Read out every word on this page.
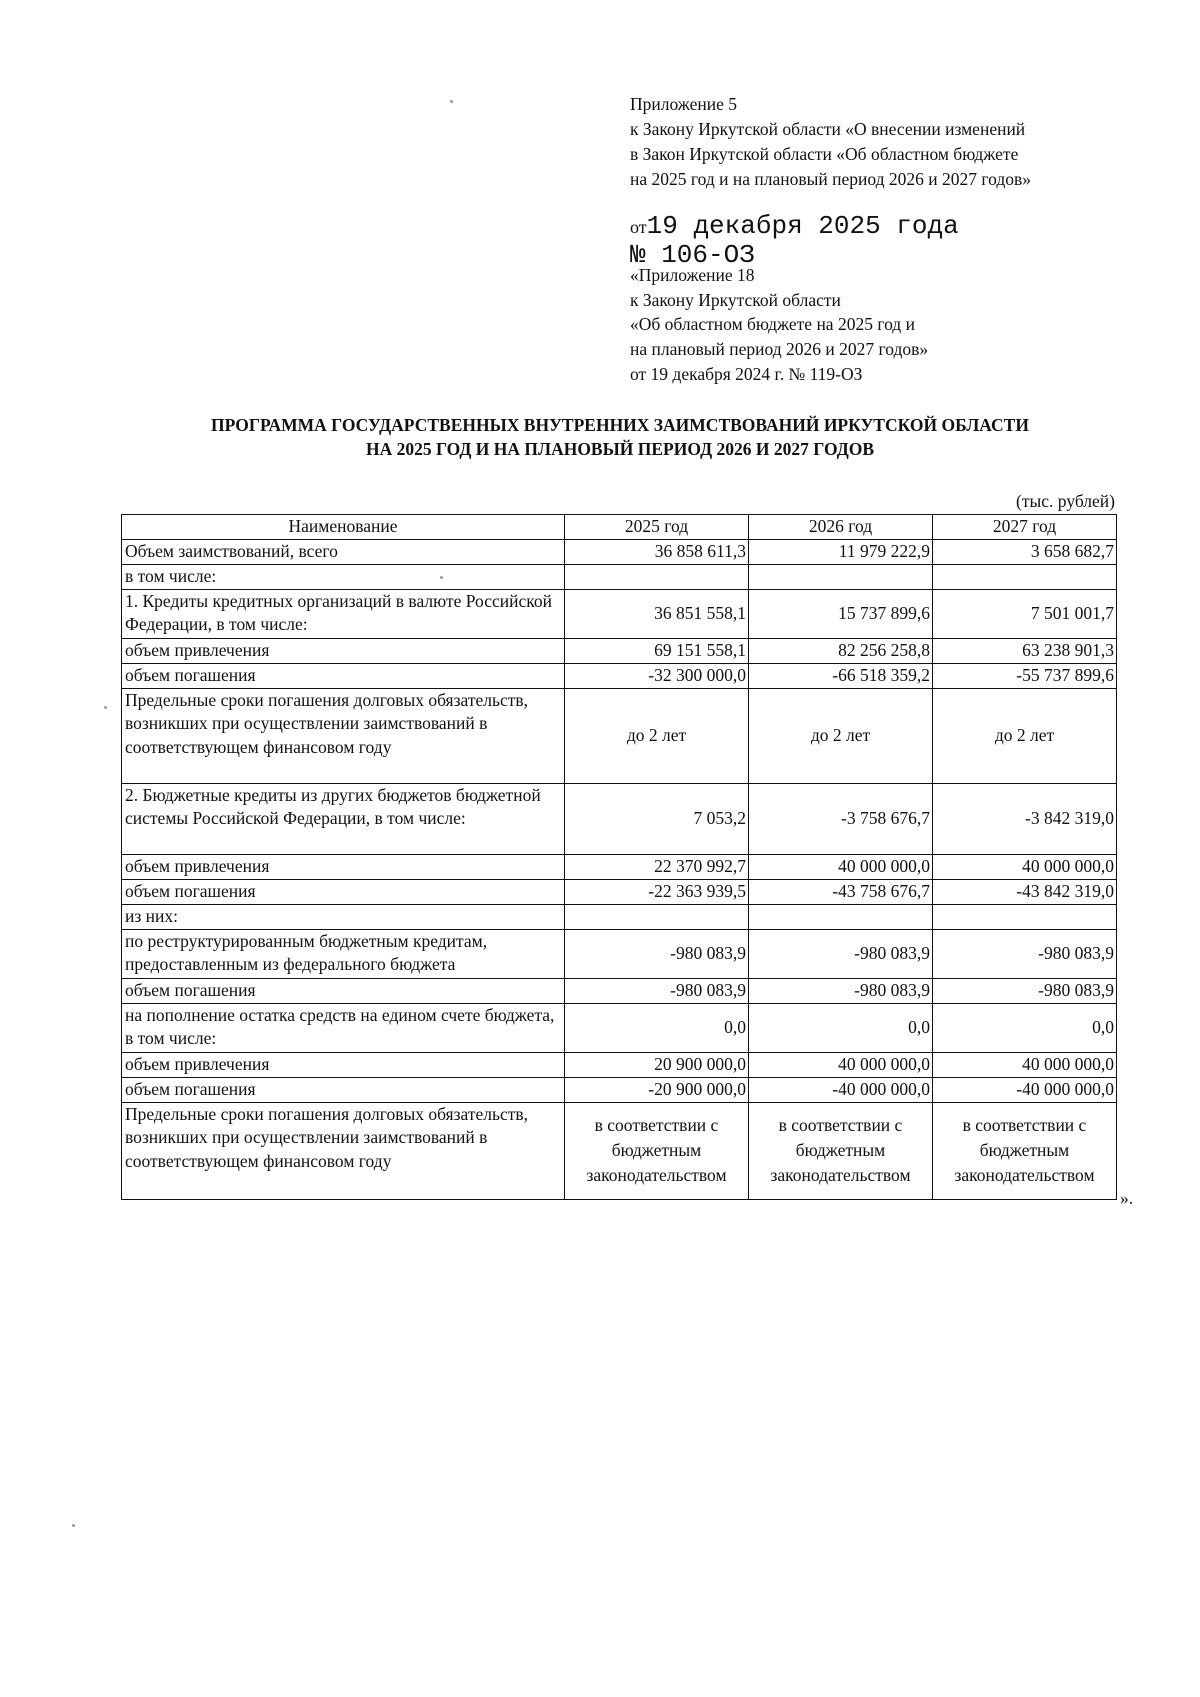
Приложение 5
к Закону Иркутской области «О внесении изменений
в Закон Иркутской области «Об областном бюджете
на 2025 год и на плановый период 2026 и 2027 годов»
от19 декабря 2025 года
№ 106-ОЗ
«Приложение 18
к Закону Иркутской области
«Об областном бюджете на 2025 год и
на плановый период 2026 и 2027 годов»
от 19 декабря 2024 г. № 119-ОЗ
ПРОГРАММА ГОСУДАРСТВЕННЫХ ВНУТРЕННИХ ЗАИМСТВОВАНИЙ ИРКУТСКОЙ ОБЛАСТИ
НА 2025 ГОД И НА ПЛАНОВЫЙ ПЕРИОД 2026 И 2027 ГОДОВ
(тыс. рублей)
Наименование	2025 год	2026 год	2027 год
Объем заимствований, всего	36 858 611,3	11 979 222,9	3 658 682,7
в том числе:			
1. Кредиты кредитных организаций в валюте Российской Федерации, в том числе:	36 851 558,1	15 737 899,6	7 501 001,7
объем привлечения	69 151 558,1	82 256 258,8	63 238 901,3
объем погашения	-32 300 000,0	-66 518 359,2	-55 737 899,6
Предельные сроки погашения долговых обязательств, возникших при осуществлении заимствований в соответствующем финансовом году	до 2 лет	до 2 лет	до 2 лет
2. Бюджетные кредиты из других бюджетов бюджетной системы Российской Федерации, в том числе:	7 053,2	-3 758 676,7	-3 842 319,0
объем привлечения	22 370 992,7	40 000 000,0	40 000 000,0
объем погашения	-22 363 939,5	-43 758 676,7	-43 842 319,0
из них:			
по реструктурированным бюджетным кредитам, предоставленным из федерального бюджета	-980 083,9	-980 083,9	-980 083,9
объем погашения	-980 083,9	-980 083,9	-980 083,9
на пополнение остатка средств на едином счете бюджета, в том числе:	0,0	0,0	0,0
объем привлечения	20 900 000,0	40 000 000,0	40 000 000,0
объем погашения	-20 900 000,0	-40 000 000,0	-40 000 000,0
Предельные сроки погашения долговых обязательств, возникших при осуществлении заимствований в соответствующем финансовом году	в соответствии с бюджетным законодательством	в соответствии с бюджетным законодательством	в соответствии с бюджетным законодательством
».
